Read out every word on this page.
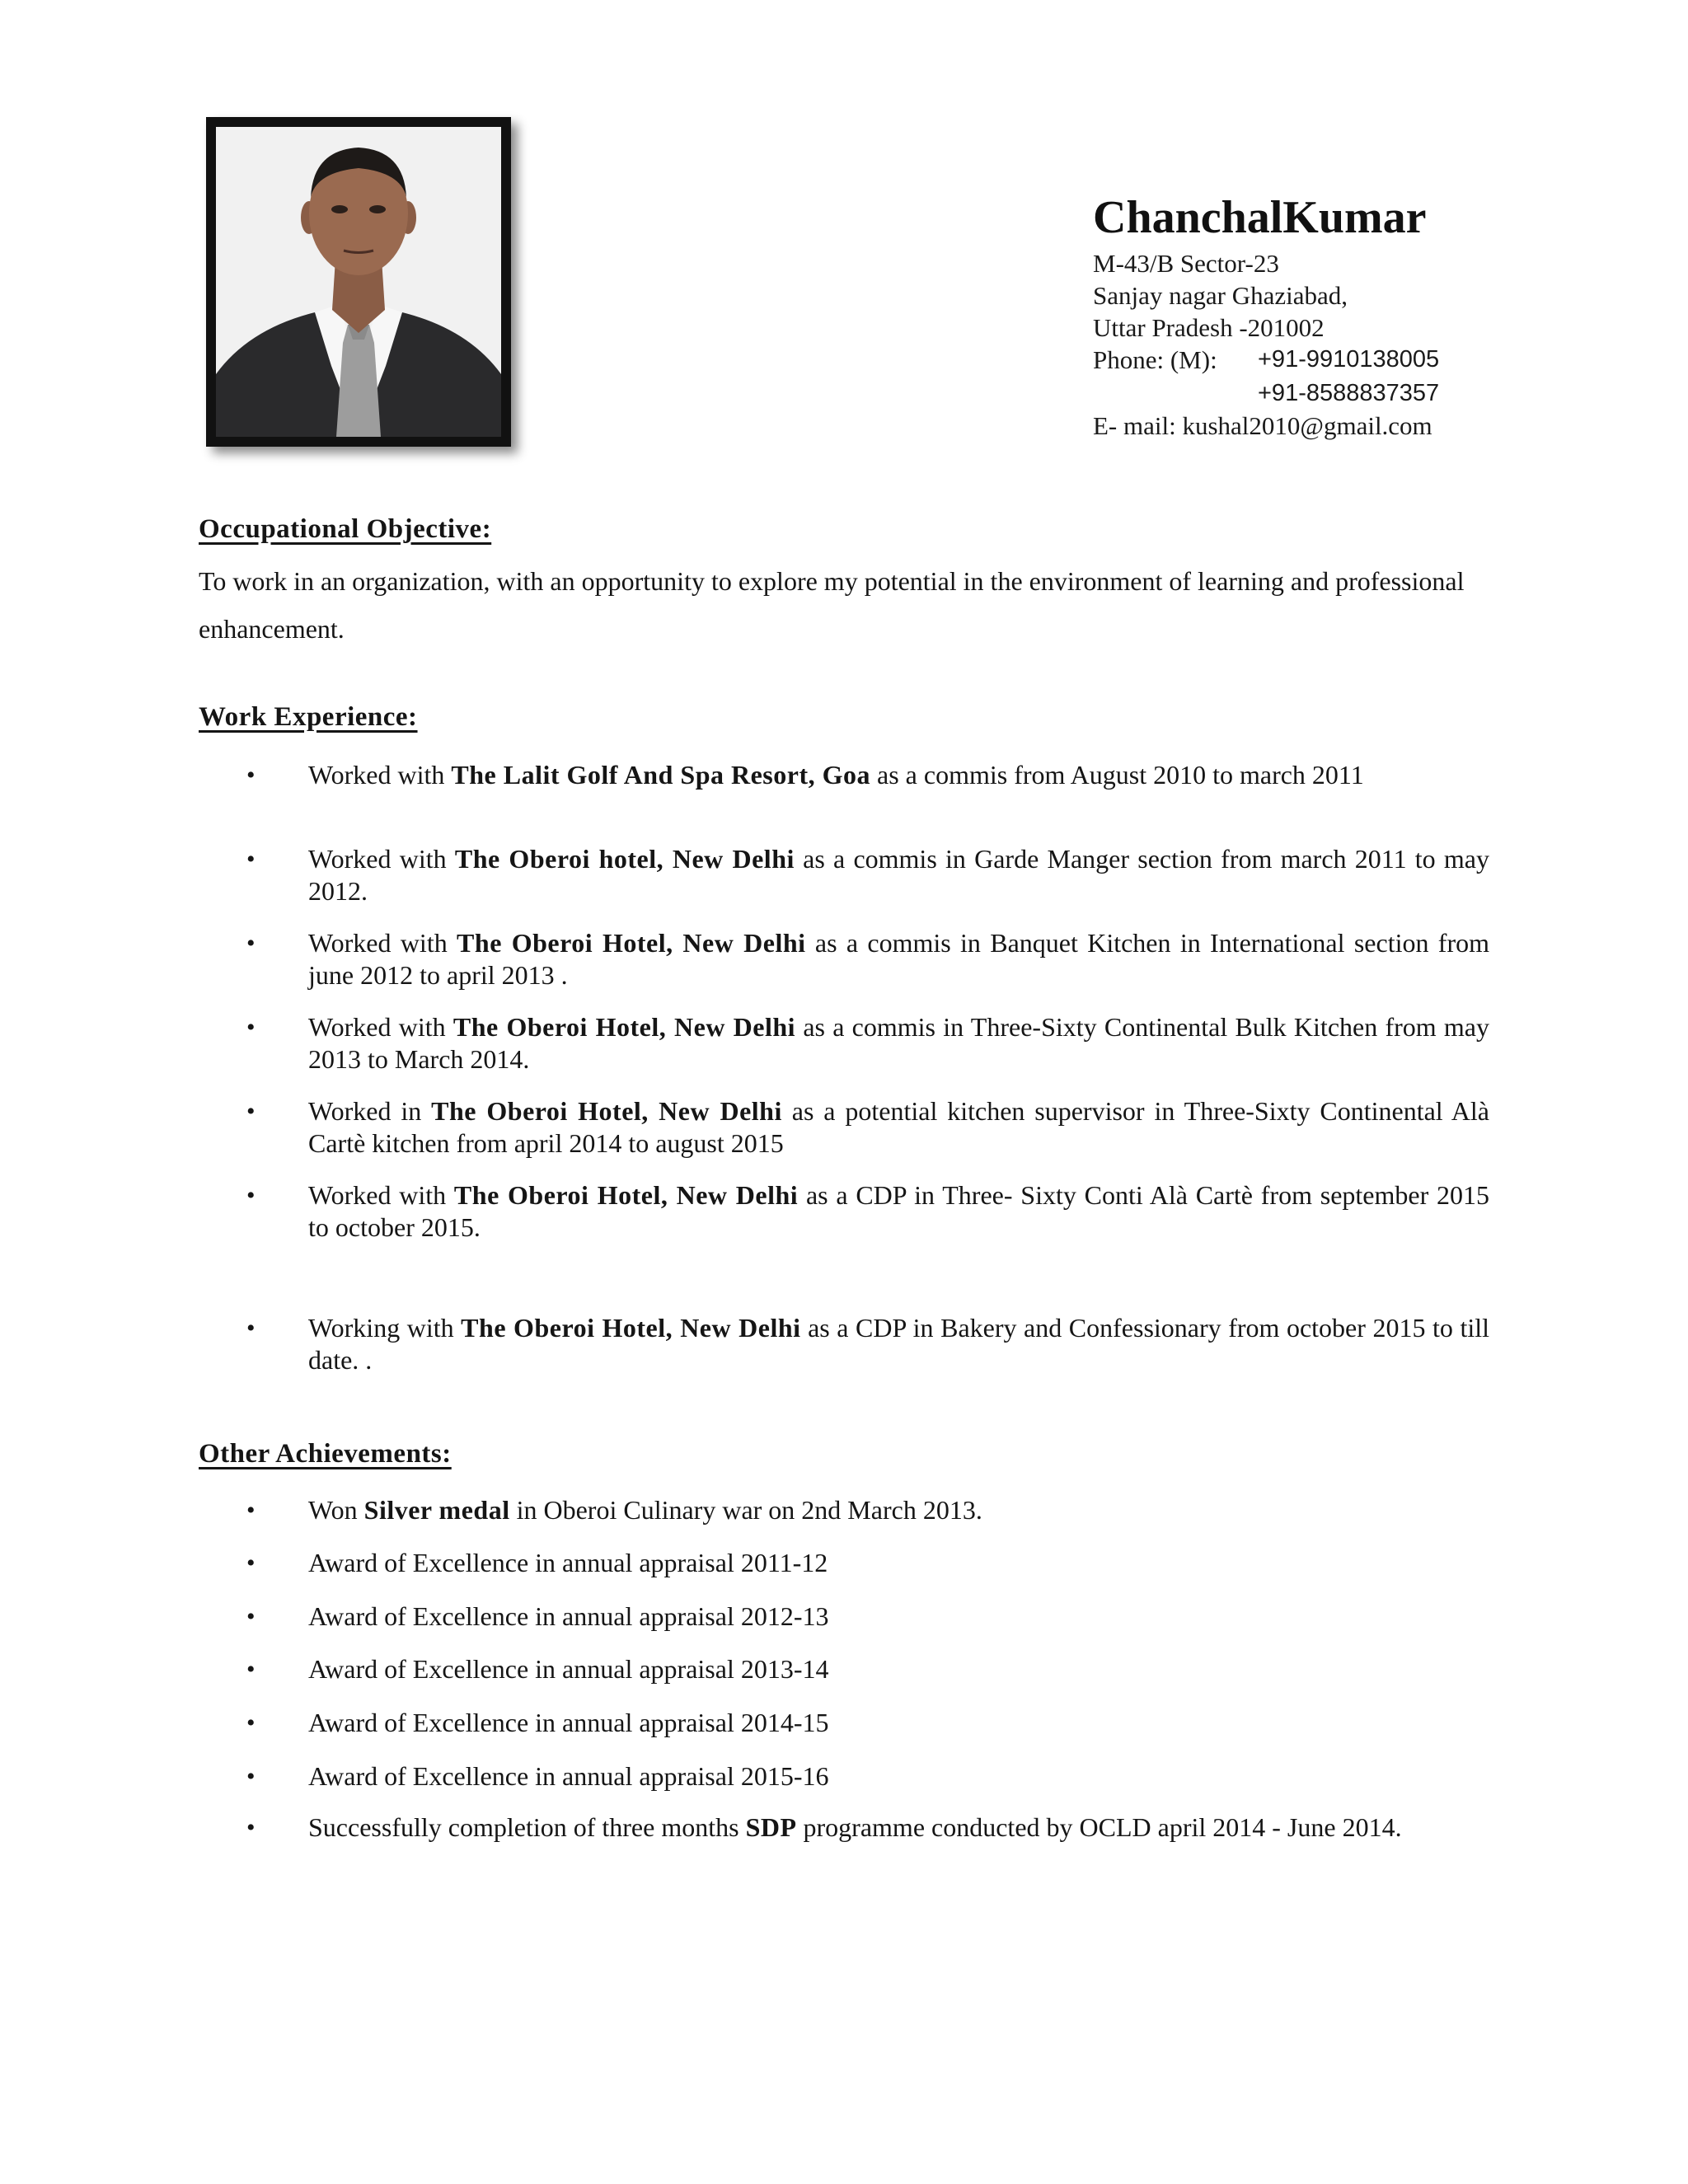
ChanchalKumar
M-43/B Sector-23
Sanjay nagar Ghaziabad,
Uttar Pradesh -201002
Phone: (M):	+91-9910138005
+91-8588837357
E- mail: kushal2010@gmail.com
Occupational Objective:
To work in an organization, with an opportunity to explore my potential in the environment of learning and professional enhancement.
Work Experience:
• Worked with The Lalit Golf And Spa Resort, Goa as a commis from August 2010 to march 2011
• Worked with The Oberoi hotel, New Delhi as a commis in Garde Manger section from march 2011 to may 2012.
• Worked with The Oberoi Hotel, New Delhi as a commis in Banquet Kitchen in International section from june 2012 to april 2013 .
• Worked with The Oberoi Hotel, New Delhi as a commis in Three-Sixty Continental Bulk Kitchen from may 2013 to March 2014.
• Worked in The Oberoi Hotel, New Delhi as a potential kitchen supervisor in Three-Sixty Continental Alà Cartè kitchen from april 2014 to august 2015
• Worked with The Oberoi Hotel, New Delhi as a CDP in Three- Sixty Conti Alà Cartè from september 2015 to october 2015.
• Working with The Oberoi Hotel, New Delhi as a CDP in Bakery and Confessionary from october 2015 to till date. .
Other Achievements:
• Won Silver medal in Oberoi Culinary war on 2nd March 2013.
• Award of Excellence in annual appraisal 2011-12
• Award of Excellence in annual appraisal 2012-13
• Award of Excellence in annual appraisal 2013-14
• Award of Excellence in annual appraisal 2014-15
• Award of Excellence in annual appraisal 2015-16
• Successfully completion of three months SDP programme conducted by OCLD april 2014 - June 2014.
